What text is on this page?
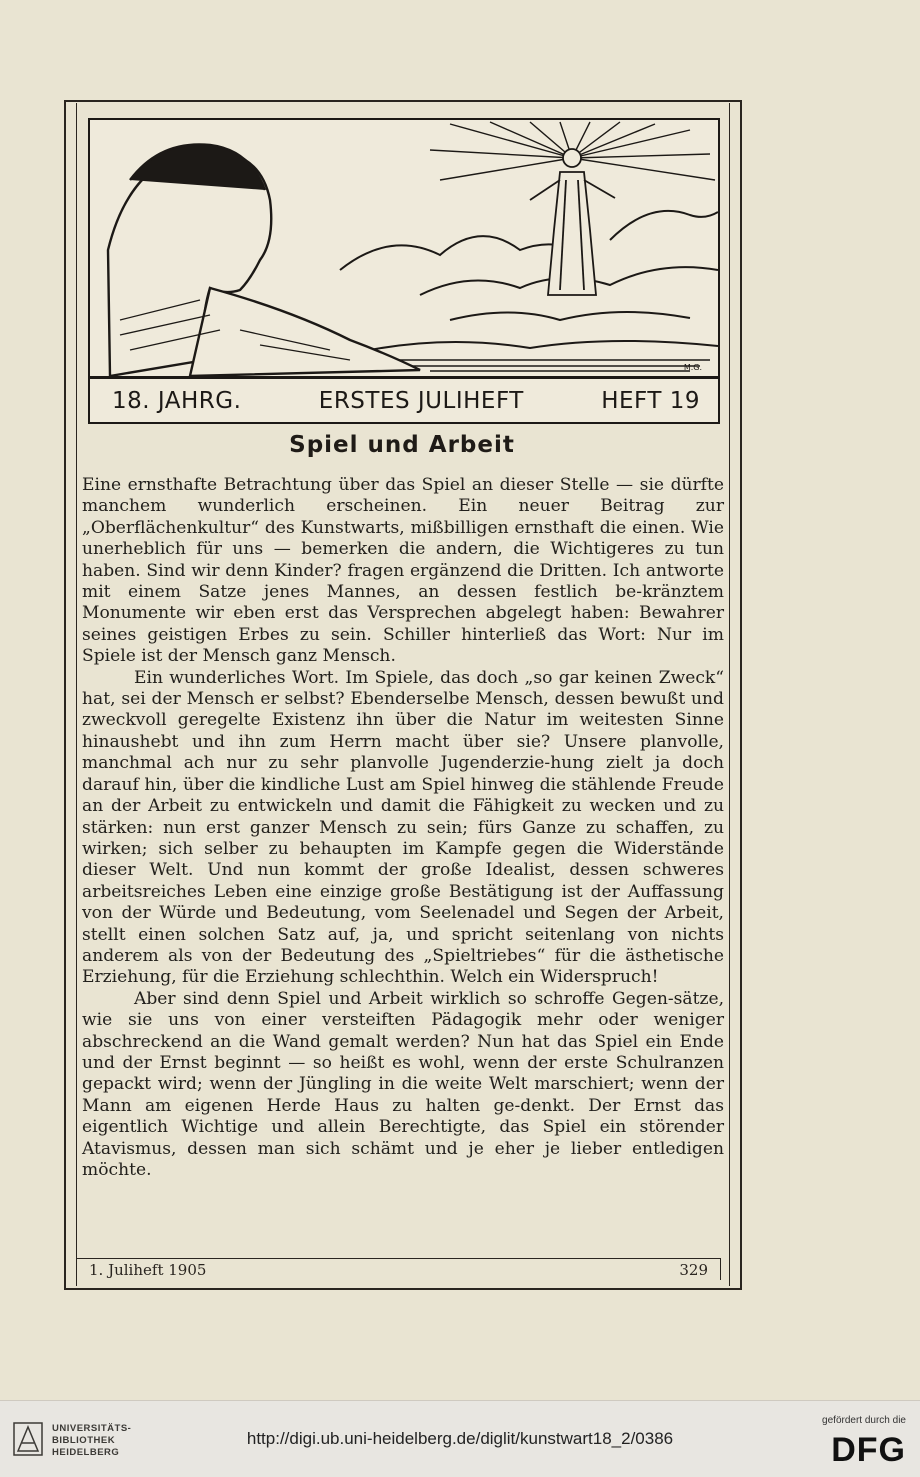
M.G.
18. JAHRG.	ERSTES JULIHEFT	HEFT 19
Spiel und Arbeit

Eine ernsthafte Betrachtung über das Spiel an dieser Stelle — sie dürfte manchem wunderlich erscheinen. Ein neuer Beitrag zur „Oberflächenkultur“ des Kunstwarts, mißbilligen ernsthaft die einen. Wie unerheblich für uns — bemerken die andern, die Wichtigeres zu tun haben. Sind wir denn Kinder? fragen ergänzend die Dritten. Ich antworte mit einem Satze jenes Mannes, an dessen festlich be-kränztem Monumente wir eben erst das Versprechen abgelegt haben: Bewahrer seines geistigen Erbes zu sein. Schiller hinterließ das Wort: Nur im Spiele ist der Mensch ganz Mensch.

Ein wunderliches Wort. Im Spiele, das doch „so gar keinen Zweck“ hat, sei der Mensch er selbst? Ebenderselbe Mensch, dessen bewußt und zweckvoll geregelte Existenz ihn über die Natur im weitesten Sinne hinaushebt und ihn zum Herrn macht über sie? Unsere planvolle, manchmal ach nur zu sehr planvolle Jugenderzie-hung zielt ja doch darauf hin, über die kindliche Lust am Spiel hinweg die stählende Freude an der Arbeit zu entwickeln und damit die Fähigkeit zu wecken und zu stärken: nun erst ganzer Mensch zu sein; fürs Ganze zu schaffen, zu wirken; sich selber zu behaupten im Kampfe gegen die Widerstände dieser Welt. Und nun kommt der große Idealist, dessen schweres arbeitsreiches Leben eine einzige große Bestätigung ist der Auffassung von der Würde und Bedeutung, vom Seelenadel und Segen der Arbeit, stellt einen solchen Satz auf, ja, und spricht seitenlang von nichts anderem als von der Bedeutung des „Spieltriebes“ für die ästhetische Erziehung, für die Erziehung schlechthin. Welch ein Widerspruch!

Aber sind denn Spiel und Arbeit wirklich so schroffe Gegen-sätze, wie sie uns von einer versteiften Pädagogik mehr oder weniger abschreckend an die Wand gemalt werden? Nun hat das Spiel ein Ende und der Ernst beginnt — so heißt es wohl, wenn der erste Schulranzen gepackt wird; wenn der Jüngling in die weite Welt marschiert; wenn der Mann am eigenen Herde Haus zu halten ge-denkt. Der Ernst das eigentlich Wichtige und allein Berechtigte, das Spiel ein störender Atavismus, dessen man sich schämt und je eher je lieber entledigen möchte.

1. Juliheft 1905	329
UNIVERSITÄTS-
BIBLIOTHEK
HEIDELBERG
http://digi.ub.uni-heidelberg.de/diglit/kunstwart18_2/0386
gefördert durch die
DFG
